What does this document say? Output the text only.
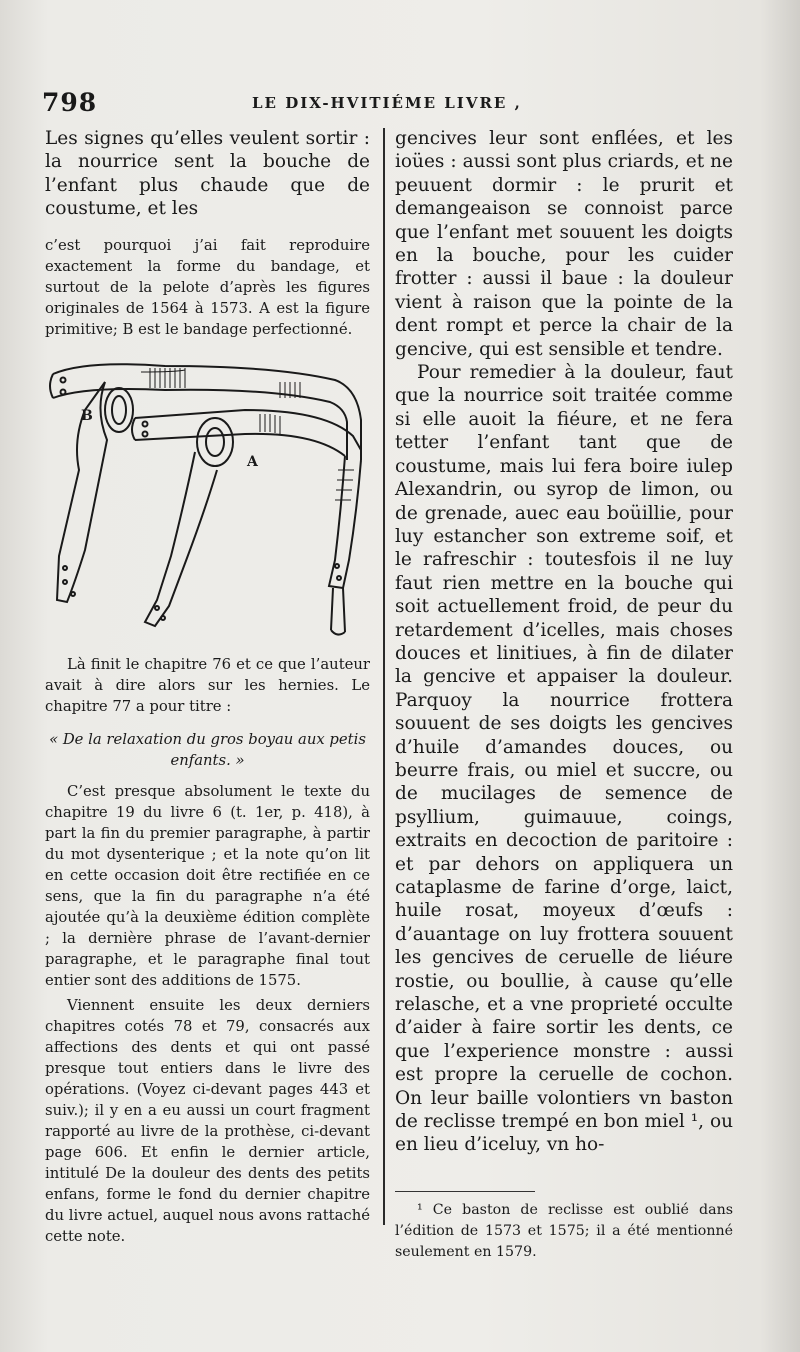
798	LE DIX-HVITIÉME LIVRE ,

Les signes qu’elles veulent sortir : la nourrice sent la bouche de l’enfant plus chaude que de coustume, et les

c’est pourquoi j’ai fait reproduire exactement la forme du bandage, et surtout de la pelote d’après les figures originales de 1564 à 1573. A est la figure primitive; B est le bandage perfectionné.

B
A

Là finit le chapitre 76 et ce que l’auteur avait à dire alors sur les hernies. Le chapitre 77 a pour titre :

« De la relaxation du gros boyau aux petis enfants. »

C’est presque absolument le texte du chapitre 19 du livre 6 (t. 1er, p. 418), à part la fin du premier paragraphe, à partir du mot dysenterique ; et la note qu’on lit en cette occasion doit être rectifiée en ce sens, que la fin du paragraphe n’a été ajoutée qu’à la deuxième édition complète ; la dernière phrase de l’avant-dernier paragraphe, et le paragraphe final tout entier sont des additions de 1575.

Viennent ensuite les deux derniers chapitres cotés 78 et 79, consacrés aux affections des dents et qui ont passé presque tout entiers dans le livre des opérations. (Voyez ci-devant pages 443 et suiv.); il y en a eu aussi un court fragment rapporté au livre de la prothèse, ci-devant page 606. Et enfin le dernier article, intitulé De la douleur des dents des petits enfans, forme le fond du dernier chapitre du livre actuel, auquel nous avons rattaché cette note.

gencives leur sont enflées, et les ioües : aussi sont plus criards, et ne peuuent dormir : le prurit et demangeaison se connoist parce que l’enfant met souuent les doigts en la bouche, pour les cuider frotter : aussi il baue : la douleur vient à raison que la pointe de la dent rompt et perce la chair de la gencive, qui est sensible et tendre.

Pour remedier à la douleur, faut que la nourrice soit traitée comme si elle auoit la fiéure, et ne fera tetter l’enfant tant que de coustume, mais lui fera boire iulep Alexandrin, ou syrop de limon, ou de grenade, auec eau boüillie, pour luy estancher son extreme soif, et le rafreschir : toutesfois il ne luy faut rien mettre en la bouche qui soit actuellement froid, de peur du retardement d’icelles, mais choses douces et linitiues, à fin de dilater la gencive et appaiser la douleur. Parquoy la nourrice frottera souuent de ses doigts les gencives d’huile d’amandes douces, ou beurre frais, ou miel et succre, ou de mucilages de semence de psyllium, guimauue, coings, extraits en decoction de paritoire : et par dehors on appliquera un cataplasme de farine d’orge, laict, huile rosat, moyeux d’œufs : d’auantage on luy frottera souuent les gencives de ceruelle de liéure rostie, ou boullie, à cause qu’elle relasche, et a vne proprieté occulte d’aider à faire sortir les dents, ce que l’experience monstre : aussi est propre la ceruelle de cochon. On leur baille volontiers vn baston de reclisse trempé en bon miel ¹, ou en lieu d’iceluy, vn ho-

¹ Ce baston de reclisse est oublié dans l’édition de 1573 et 1575; il a été mentionné seulement en 1579.
